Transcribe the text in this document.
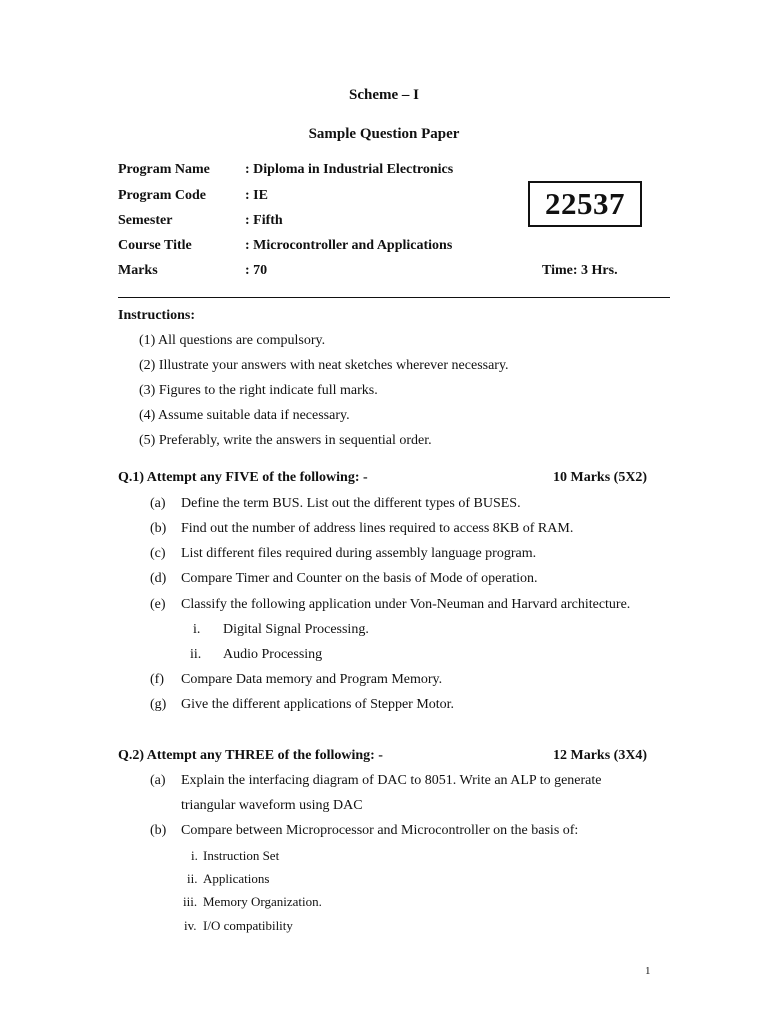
Scheme – I
Sample Question Paper
Program Name	: Diploma in Industrial Electronics
Program Code	: IE
Semester	: Fifth
Course Title	: Microcontroller and Applications
Marks	: 70
22537
Time: 3 Hrs.
Instructions:
(1) All questions are compulsory.
(2) Illustrate your answers with neat sketches wherever necessary.
(3) Figures to the right indicate full marks.
(4) Assume suitable data if necessary.
(5) Preferably, write the answers in sequential order.
Q.1) Attempt any FIVE of the following: -	10 Marks (5X2)
(a) Define the term BUS. List out the different types of BUSES.
(b) Find out the number of address lines required to access 8KB of RAM.
(c) List different files required during assembly language program.
(d) Compare Timer and Counter on the basis of Mode of operation.
(e) Classify the following application under Von-Neuman and Harvard architecture.
i. Digital Signal Processing.
ii. Audio Processing
(f) Compare Data memory and Program Memory.
(g) Give the different applications of Stepper Motor.
Q.2) Attempt any THREE of the following: -	12 Marks (3X4)
(a) Explain the interfacing diagram of DAC to 8051. Write an ALP to generate
triangular waveform using DAC
(b) Compare between Microprocessor and Microcontroller on the basis of:
i. Instruction Set
ii. Applications
iii. Memory Organization.
iv. I/O compatibility
1
